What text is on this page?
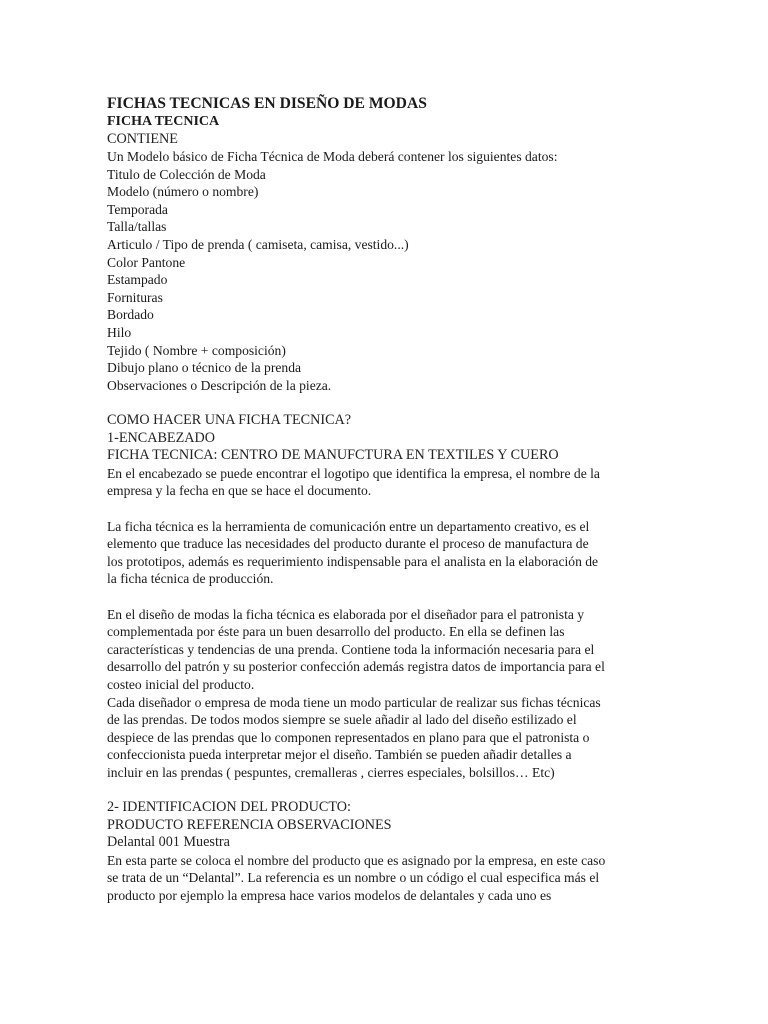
FICHAS TECNICAS EN DISEÑO DE MODAS
FICHA TECNICA
CONTIENE
Un Modelo básico de Ficha Técnica de Moda deberá contener los siguientes datos:
Titulo de Colección de Moda
Modelo (número o nombre)
Temporada
Talla/tallas
Articulo / Tipo de prenda ( camiseta, camisa, vestido...)
Color Pantone
Estampado
Fornituras
Bordado
Hilo
Tejido ( Nombre + composición)
Dibujo plano o técnico de la prenda
Observaciones o Descripción de la pieza.
COMO HACER UNA FICHA TECNICA?
1-ENCABEZADO
FICHA TECNICA: CENTRO DE MANUFCTURA EN TEXTILES Y CUERO
En el encabezado se puede encontrar el logotipo que identifica la empresa, el nombre de la
empresa y la fecha en que se hace el documento.
La ficha técnica es la herramienta de comunicación entre un departamento creativo, es el
elemento que traduce las necesidades del producto durante el proceso de manufactura de
los prototipos, además es requerimiento indispensable para el analista en la elaboración de
la ficha técnica de producción.
En el diseño de modas la ficha técnica es elaborada por el diseñador para el patronista y
complementada por éste para un buen desarrollo del producto. En ella se definen las
características y tendencias de una prenda. Contiene toda la información necesaria para el
desarrollo del patrón y su posterior confección además registra datos de importancia para el
costeo inicial del producto.
Cada diseñador o empresa de moda tiene un modo particular de realizar sus fichas técnicas
de las prendas. De todos modos siempre se suele añadir al lado del diseño estilizado el
despiece de las prendas que lo componen representados en plano para que el patronista o
confeccionista pueda interpretar mejor el diseño. También se pueden añadir detalles a
incluir en las prendas ( pespuntes, cremalleras , cierres especiales, bolsillos… Etc)
2- IDENTIFICACION DEL PRODUCTO:
PRODUCTO REFERENCIA OBSERVACIONES
Delantal 001 Muestra
En esta parte se coloca el nombre del producto que es asignado por la empresa, en este caso
se trata de un “Delantal”. La referencia es un nombre o un código el cual especifica más el
producto por ejemplo la empresa hace varios modelos de delantales y cada uno es
